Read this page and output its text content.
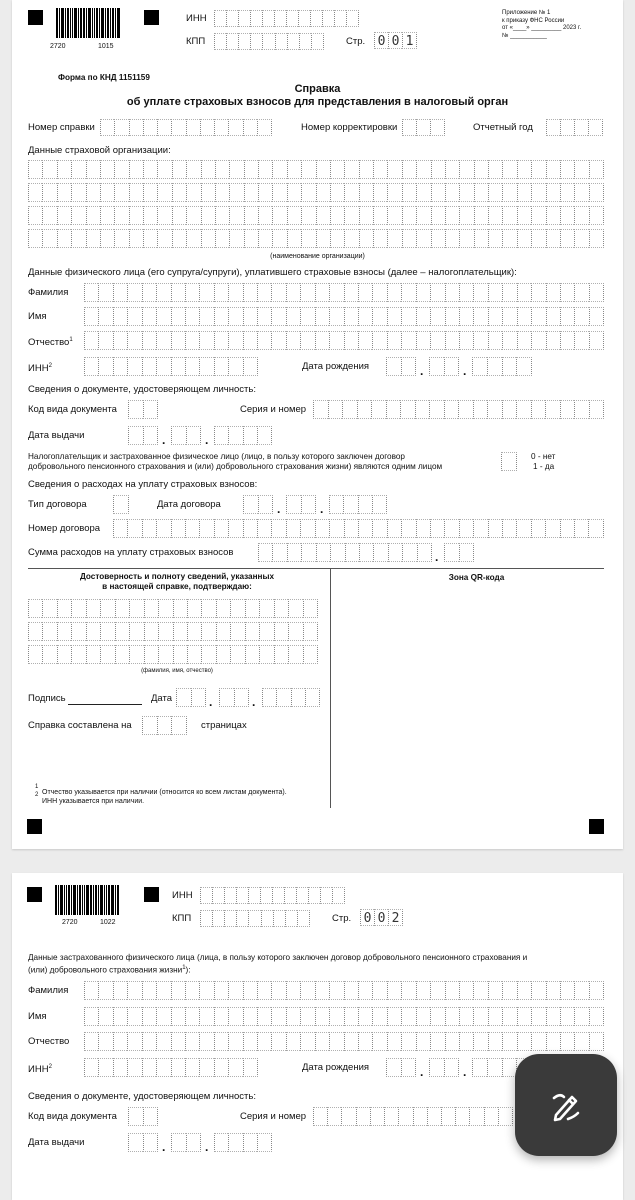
2720	1015
ИНН
КПП	Стр. 0 0 1
Приложение № 1
к приказу ФНС России
от «____» _________ 2023 г.
№ ___________
Форма по КНД 1151159
Справка
об уплате страховых взносов для представления в налоговый орган
Номер справки	Номер корректировки	Отчетный год
Данные страховой организации:
(наименование организации)
Данные физического лица (его супруга/супруги), уплатившего страховые взносы (далее – налогоплательщик):
Фамилия
Имя
Отчество$^1$
ИНН$^2$	Дата рождения	.	.
Сведения о документе, удостоверяющем личность:
Код вида документа	Серия и номер
Дата выдачи	.	.
Налогоплательщик и застрахованное физическое лицо (лицо, в пользу которого заключен договор
добровольного пенсионного страхования и (или) добровольного страхования жизни) являются одним лицом
0 - нет
1 - да
Сведения о расходах на уплату страховых взносов:
Тип договора	Дата договора	.	.
Номер договора
Сумма расходов на уплату страховых взносов	.
Достоверность и полноту сведений, указанных
в настоящей справке, подтверждаю:
(фамилия, имя, отчество)
Подпись	Дата	.	.
Справка составлена на	страницах
Зона QR-кода
1
2 Отчество указывается при наличии (относится ко всем листам документа).
ИНН указывается при наличии.
2720	1022
ИНН
КПП	Стр. 0 0 2
Данные застрахованного физического лица (лица, в пользу которого заключен договор добровольного пенсионного страхования и
(или) добровольного страхования жизни$^1$):
Фамилия
Имя
Отчество
ИНН$^2$	Дата рождения	.	.
Сведения о документе, удостоверяющем личность:
Код вида документа	Серия и номер
Дата выдачи	.	.
